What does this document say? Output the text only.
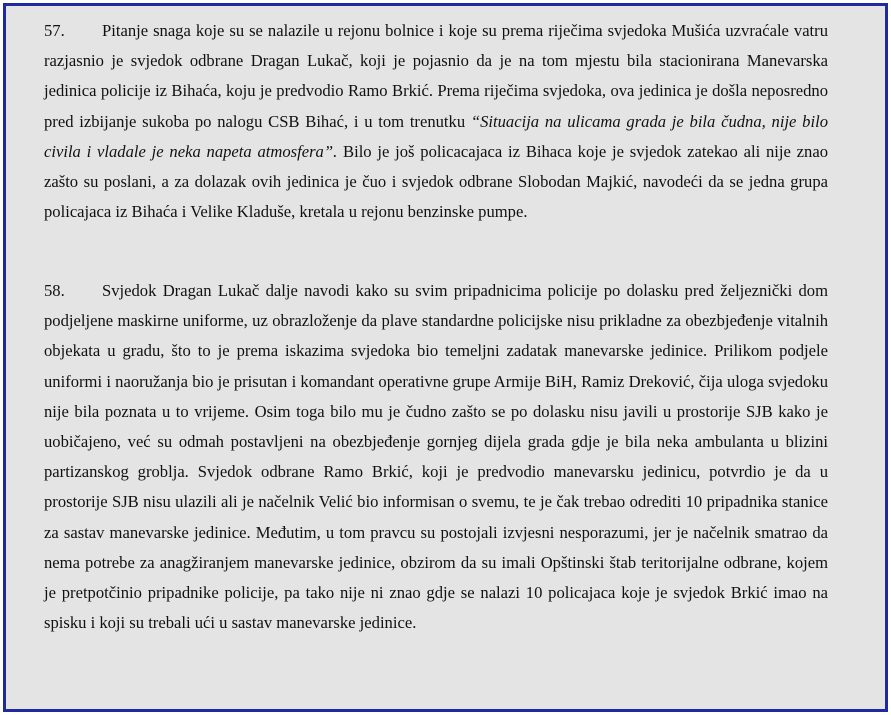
57. Pitanje snaga koje su se nalazile u rejonu bolnice i koje su prema riječima svjedoka Mušića uzvraćale vatru razjasnio je svjedok odbrane Dragan Lukač, koji je pojasnio da je na tom mjestu bila stacionirana Manevarska jedinica policije iz Bihaća, koju je predvodio Ramo Brkić. Prema riječima svjedoka, ova jedinica je došla neposredno pred izbijanje sukoba po nalogu CSB Bihać, i u tom trenutku “Situacija na ulicama grada je bila čudna, nije bilo civila i vladale je neka napeta atmosfera”. Bilo je još policacajaca iz Bihaca koje je svjedok zatekao ali nije znao zašto su poslani, a za dolazak ovih jedinica je čuo i svjedok odbrane Slobodan Majkić, navodeći da se jedna grupa policajaca iz Bihaća i Velike Kladuše, kretala u rejonu benzinske pumpe.
58. Svjedok Dragan Lukač dalje navodi kako su svim pripadnicima policije po dolasku pred željeznički dom podjeljene maskirne uniforme, uz obrazloženje da plave standardne policijske nisu prikladne za obezbjeđenje vitalnih objekata u gradu, što to je prema iskazima svjedoka bio temeljni zadatak manevarske jedinice. Prilikom podjele uniformi i naoružanja bio je prisutan i komandant operativne grupe Armije BiH, Ramiz Dreković, čija uloga svjedoku nije bila poznata u to vrijeme. Osim toga bilo mu je čudno zašto se po dolasku nisu javili u prostorije SJB kako je uobičajeno, već su odmah postavljeni na obezbjeđenje gornjeg dijela grada gdje je bila neka ambulanta u blizini partizanskog groblja. Svjedok odbrane Ramo Brkić, koji je predvodio manevarsku jedinicu, potvrdio je da u prostorije SJB nisu ulazili ali je načelnik Velić bio informisan o svemu, te je čak trebao odrediti 10 pripadnika stanice za sastav manevarske jedinice. Međutim, u tom pravcu su postojali izvjesni nesporazumi, jer je načelnik smatrao da nema potrebe za anagžiranjem manevarske jedinice, obzirom da su imali Opštinski štab teritorijalne odbrane, kojem je pretpotčinio pripadnike policije, pa tako nije ni znao gdje se nalazi 10 policajaca koje je svjedok Brkić imao na spisku i koji su trebali ući u sastav manevarske jedinice.
